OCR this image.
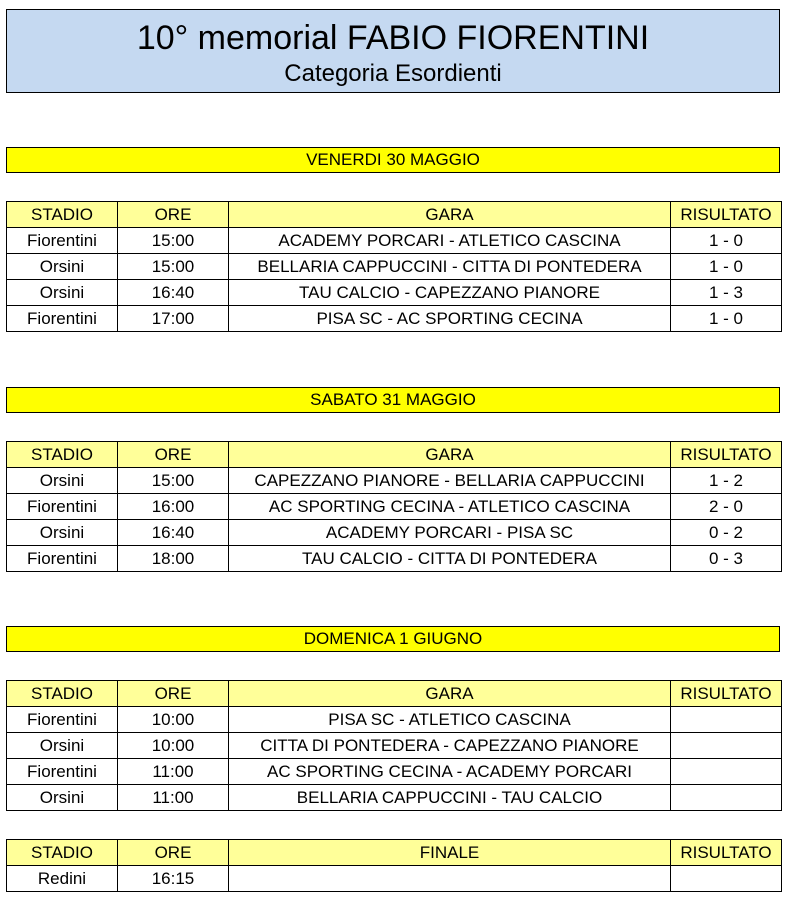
10° memorial FABIO FIORENTINI
Categoria Esordienti
VENERDI 30 MAGGIO
STADIO	ORE	GARA	RISULTATO
Fiorentini	15:00	ACADEMY PORCARI - ATLETICO CASCINA	1 - 0
Orsini	15:00	BELLARIA CAPPUCCINI - CITTA DI PONTEDERA	1 - 0
Orsini	16:40	TAU CALCIO - CAPEZZANO PIANORE	1 - 3
Fiorentini	17:00	PISA SC - AC SPORTING CECINA	1 - 0
SABATO 31 MAGGIO
STADIO	ORE	GARA	RISULTATO
Orsini	15:00	CAPEZZANO PIANORE - BELLARIA CAPPUCCINI	1 - 2
Fiorentini	16:00	AC SPORTING CECINA - ATLETICO CASCINA	2 - 0
Orsini	16:40	ACADEMY PORCARI - PISA SC	0 - 2
Fiorentini	18:00	TAU CALCIO - CITTA DI PONTEDERA	0 - 3
DOMENICA 1 GIUGNO
STADIO	ORE	GARA	RISULTATO
Fiorentini	10:00	PISA SC - ATLETICO CASCINA	
Orsini	10:00	CITTA DI PONTEDERA - CAPEZZANO PIANORE	
Fiorentini	11:00	AC SPORTING CECINA - ACADEMY PORCARI	
Orsini	11:00	BELLARIA CAPPUCCINI - TAU CALCIO	
STADIO	ORE	FINALE	RISULTATO
Redini	16:15		
